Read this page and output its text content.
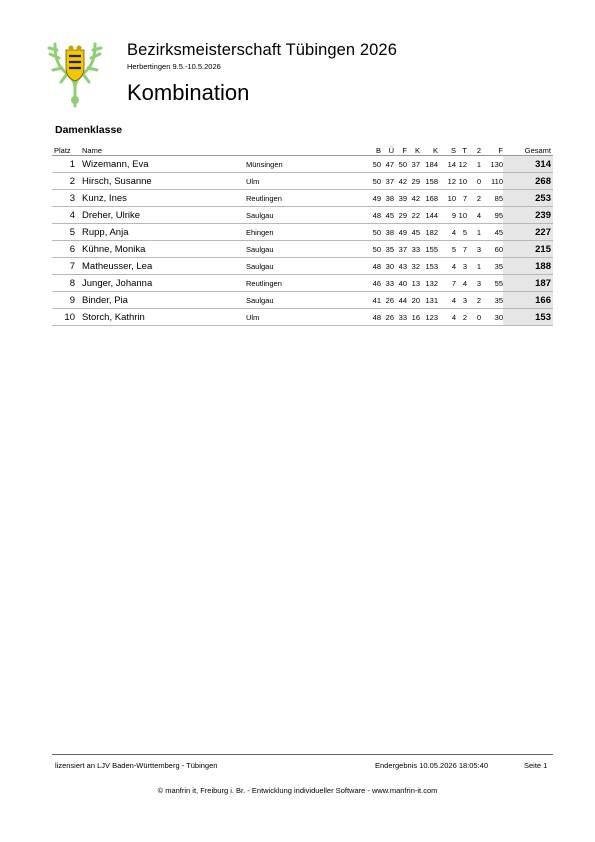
Bezirksmeisterschaft Tübingen 2026
Herbertingen 9.5.-10.5.2026
Kombination
Damenklasse
Platz	Name		B	Ü	F	K	K	S	T	2	F	Gesamt
1	Wizemann, Eva	Münsingen	50	47	50	37	184	14	12	1	130	314
2	Hirsch, Susanne	Ulm	50	37	42	29	158	12	10	0	110	268
3	Kunz, Ines	Reutlingen	49	38	39	42	168	10	7	2	85	253
4	Dreher, Ulrike	Saulgau	48	45	29	22	144	9	10	4	95	239
5	Rupp, Anja	Ehingen	50	38	49	45	182	4	5	1	45	227
6	Kühne, Monika	Saulgau	50	35	37	33	155	5	7	3	60	215
7	Matheusser, Lea	Saulgau	48	30	43	32	153	4	3	1	35	188
8	Junger, Johanna	Reutlingen	46	33	40	13	132	7	4	3	55	187
9	Binder, Pia	Saulgau	41	26	44	20	131	4	3	2	35	166
10	Storch, Kathrin	Ulm	48	26	33	16	123	4	2	0	30	153
lizensiert an LJV Baden-Württemberg - Tübingen	Endergebnis 10.05.2026 18:05:40	Seite 1
© manfrin it, Freiburg i. Br. - Entwicklung individueller Software - www.manfrin-it.com
